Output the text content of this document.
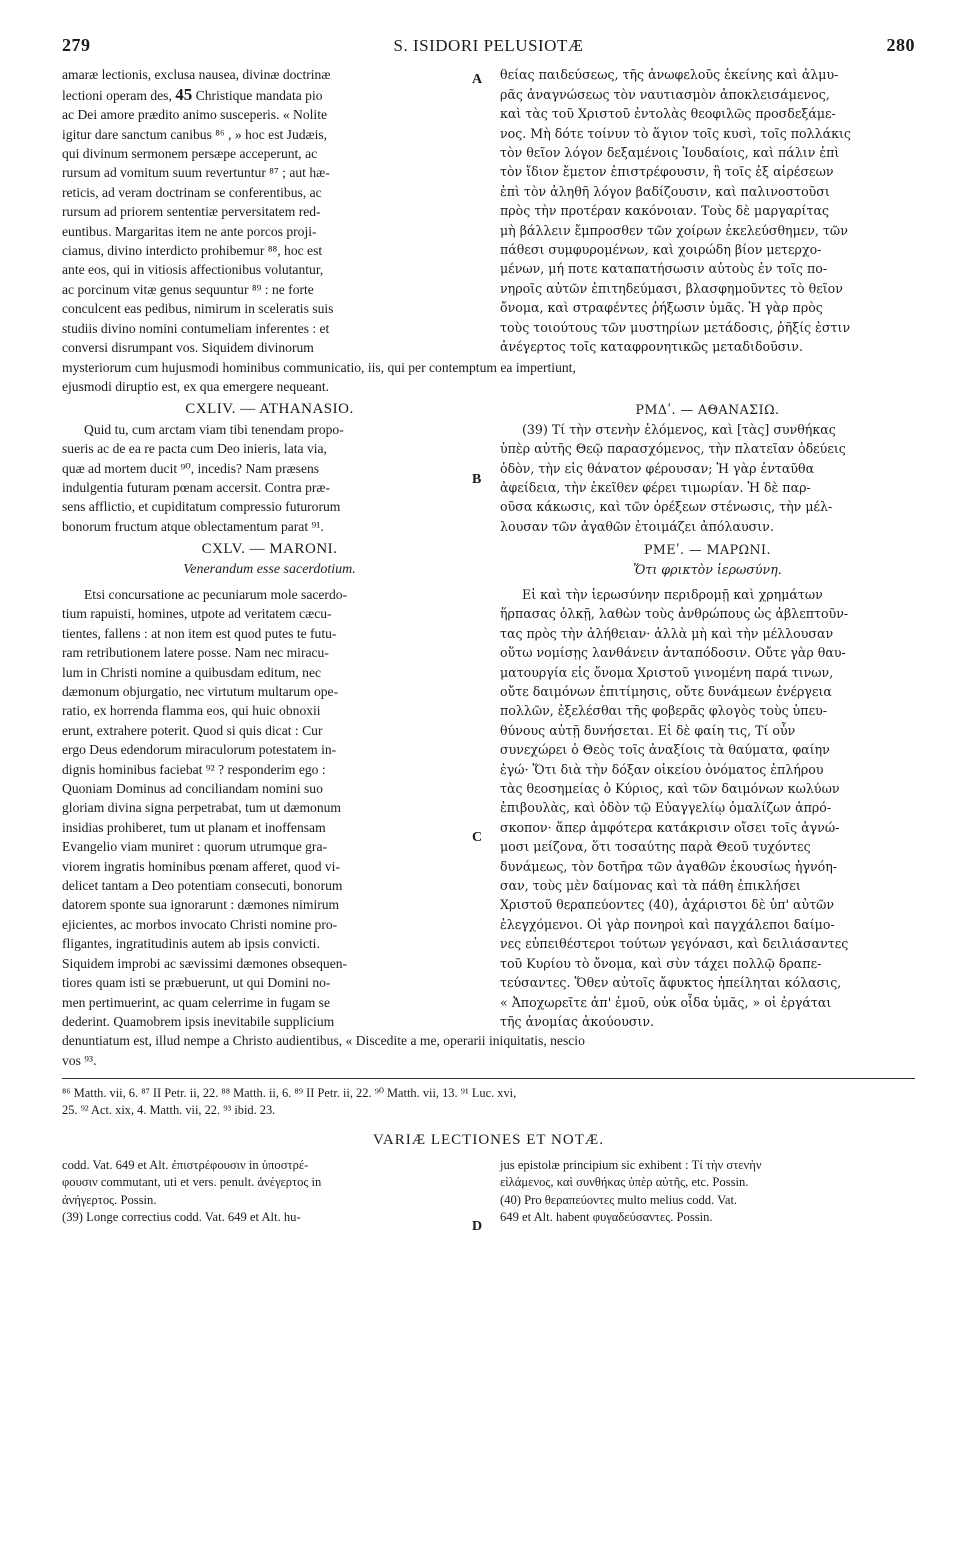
279	S. ISIDORI PELUSIOTÆ	280

amaræ lectionis, exclusa nausea, divinæ doctrinæ

lectioni operam des, 45 Christique mandata pio

ac Dei amore prædito animo susceperis. « Nolite

igitur dare sanctum canibus ⁸⁶ , » hoc est Judæis,

qui divinum sermonem persæpe acceperunt, ac

rursum ad vomitum suum revertuntur ⁸⁷ ; aut hæ-

reticis, ad veram doctrinam se conferentibus, ac

rursum ad priorem sententiæ perversitatem red-

euntibus. Margaritas item ne ante porcos proji-

ciamus, divino interdicto prohibemur ⁸⁸, hoc est

ante eos, qui in vitiosis affectionibus volutantur,

ac porcinum vitæ genus sequuntur ⁸⁹ : ne forte

conculcent eas pedibus, nimirum in sceleratis suis

studiis divino nomini contumeliam inferentes : et

conversi disrumpant vos. Siquidem divinorum

θείας παιδεύσεως, τῆς ἀνωφελοῦς ἐκείνης καὶ ἀλμυ-

ρᾶς ἀναγνώσεως τὸν ναυτιασμὸν ἀποκλεισάμενος,

καὶ τὰς τοῦ Χριστοῦ ἐντολὰς θεοφιλῶς προσδεξάμε-

νος. Μὴ δότε τοίνυν τὸ ἅγιον τοῖς κυσὶ, τοῖς πολλάκις

τὸν θεῖον λόγον δεξαμένοις Ἰουδαίοις, καὶ πάλιν ἐπὶ

τὸν ἴδιον ἔμετον ἐπιστρέφουσιν, ἢ τοῖς ἐξ αἱρέσεων

ἐπὶ τὸν ἀληθῆ λόγον βαδίζουσιν, καὶ παλινοστοῦσι

πρὸς τὴν προτέραν κακόνοιαν. Τοὺς δὲ μαργαρίτας

μὴ βάλλειν ἔμπροσθεν τῶν χοίρων ἐκελεύσθημεν, τῶν

πάθεσι συμφυρομένων, καὶ χοιρώδη βίον μετερχο-

μένων, μή ποτε καταπατήσωσιν αὐτοὺς ἐν τοῖς πο-

νηροῖς αὐτῶν ἐπιτηδεύμασι, βλασφημοῦντες τὸ θεῖον

ὄνομα, καὶ στραφέντες ῥήξωσιν ὑμᾶς. Ἡ γὰρ πρὸς

τοὺς τοιούτους τῶν μυστηρίων μετάδοσις, ῥῆξίς ἐστιν

ἀνέγερτος τοῖς καταφρονητικῶς μεταδιδοῦσιν.

mysteriorum cum hujusmodi hominibus communicatio, iis, qui per contemptum ea impertiunt,

ejusmodi diruptio est, ex qua emergere nequeant.

CXLIV. — ATHANASIO.	ΡΜΔʹ. — ΑΘΑΝΑΣΙΩ.

Quid tu, cum arctam viam tibi tenendam propo-

sueris ac de ea re pacta cum Deo inieris, lata via,

quæ ad mortem ducit ⁹⁰, incedis? Nam præsens

indulgentia futuram pœnam accersit. Contra præ-

sens afflictio, et cupiditatum compressio futurorum

bonorum fructum atque oblectamentum parat ⁹¹.

(39) Τί τὴν στενὴν ἑλόμενος, καὶ [τὰς] συνθήκας

ὑπὲρ αὐτῆς Θεῷ παρασχόμενος, τὴν πλατεῖαν ὁδεύεις

ὁδὸν, τὴν εἰς θάνατον φέρουσαν; Ἡ γὰρ ἐνταῦθα

ἀφείδεια, τὴν ἐκεῖθεν φέρει τιμωρίαν. Ἡ δὲ παρ-

οῦσα κάκωσις, καὶ τῶν ὀρέξεων στένωσις, τὴν μέλ-

λουσαν τῶν ἀγαθῶν ἑτοιμάζει ἀπόλαυσιν.

CXLV. — MARONI.	ΡΜΕʹ. — ΜΑΡΩΝΙ.
Venerandum esse sacerdotium.	Ὅτι φρικτὸν ἱερωσύνη.

Etsi concursatione ac pecuniarum mole sacerdo-

tium rapuisti, homines, utpote ad veritatem cæcu-

tientes, fallens : at non item est quod putes te futu-

ram retributionem latere posse. Nam nec miracu-

lum in Christi nomine a quibusdam editum, nec

dæmonum objurgatio, nec virtutum multarum ope-

ratio, ex horrenda flamma eos, qui huic obnoxii

erunt, extrahere poterit. Quod si quis dicat : Cur

ergo Deus edendorum miraculorum potestatem in-

dignis hominibus faciebat ⁹² ? responderim ego :

Quoniam Dominus ad conciliandam nomini suo

gloriam divina signa perpetrabat, tum ut dæmonum

insidias prohiberet, tum ut planam et inoffensam

Evangelio viam muniret : quorum utrumque gra-

viorem ingratis hominibus pœnam afferet, quod vi-

delicet tantam a Deo potentiam consecuti, bonorum

datorem sponte sua ignorarunt : dæmones nimirum

ejicientes, ac morbos invocato Christi nomine pro-

fligantes, ingratitudinis autem ab ipsis convicti.

Siquidem improbi ac sævissimi dæmones obsequen-

tiores quam isti se præbuerunt, ut qui Domini no-

men pertimuerint, ac quam celerrime in fugam se

dederint. Quamobrem ipsis inevitabile supplicium

Εἰ καὶ τὴν ἱερωσύνην περιδρομῇ καὶ χρημάτων

ἥρπασας ὁλκῇ, λαθὼν τοὺς ἀνθρώπους ὡς ἀβλεπτοῦν-

τας πρὸς τὴν ἀλήθειαν· ἀλλὰ μὴ καὶ τὴν μέλλουσαν

οὕτω νομίσῃς λανθάνειν ἀνταπόδοσιν. Οὔτε γὰρ θαυ-

ματουργία εἰς ὄνομα Χριστοῦ γινομένη παρά τινων,

οὔτε δαιμόνων ἐπιτίμησις, οὔτε δυνάμεων ἐνέργεια

πολλῶν, ἐξελέσθαι τῆς φοβερᾶς φλογὸς τοὺς ὑπευ-

θύνους αὐτῇ δυνήσεται. Εἰ δὲ φαίη τις, Τί οὖν

συνεχώρει ὁ Θεὸς τοῖς ἀναξίοις τὰ θαύματα, φαίην

ἐγώ· Ὅτι διὰ τὴν δόξαν οἰκείου ὀνόματος ἐπλήρου

τὰς θεοσημείας ὁ Κύριος, καὶ τῶν δαιμόνων κωλύων

ἐπιβουλὰς, καὶ ὁδὸν τῷ Εὐαγγελίῳ ὁμαλίζων ἀπρό-

σκοπον· ἅπερ ἀμφότερα κατάκρισιν οἴσει τοῖς ἀγνώ-

μοσι μείζονα, ὅτι τοσαύτης παρὰ Θεοῦ τυχόντες

δυνάμεως, τὸν δοτῆρα τῶν ἀγαθῶν ἑκουσίως ἠγνόη-

σαν, τοὺς μὲν δαίμονας καὶ τὰ πάθη ἐπικλήσει

Χριστοῦ θεραπεύοντες (40), ἀχάριστοι δὲ ὑπ' αὐτῶν

ἐλεγχόμενοι. Οἱ γὰρ πονηροὶ καὶ παγχάλεποι δαίμο-

νες εὐπειθέστεροι τούτων γεγόνασι, καὶ δειλιάσαντες

τοῦ Κυρίου τὸ ὄνομα, καὶ σὺν τάχει πολλῷ δραπε-

τεύσαντες. Ὅθεν αὐτοῖς ἄφυκτος ἠπείληται κόλασις,

« Ἀποχωρεῖτε ἀπ' ἐμοῦ, οὐκ οἶδα ὑμᾶς, » οἱ ἐργάται

τῆς ἀνομίας ἀκούουσιν.

denuntiatum est, illud nempe a Christo audientibus, « Discedite a me, operarii iniquitatis, nescio

vos ⁹³.

⁸⁶ Matth. vii, 6. ⁸⁷ II Petr. ii, 22. ⁸⁸ Matth. ii, 6. ⁸⁹ II Petr. ii, 22. ⁹⁰ Matth. vii, 13. ⁹¹ Luc. xvi,
25. ⁹² Act. xix, 4. Matth. vii, 22. ⁹³ ibid. 23.
VARIÆ LECTIONES ET NOTÆ.
codd. Vat. 649 et Alt. ἐπιστρέφουσιν in ὑποστρέ-
φουσιν commutant, uti et vers. penult. ἀνέγερτος in
ἀνήγερτος. Possin.
(39) Longe correctius codd. Vat. 649 et Alt. hu-
jus epistolæ principium sic exhibent : Τί τὴν στενὴν
εἰλάμενος, καὶ συνθήκας ὑπὲρ αὐτῆς, etc. Possin.
(40) Pro θεραπεύοντες multo melius codd. Vat.
649 et Alt. habent φυγαδεύσαντες. Possin.
A
B
C
D
